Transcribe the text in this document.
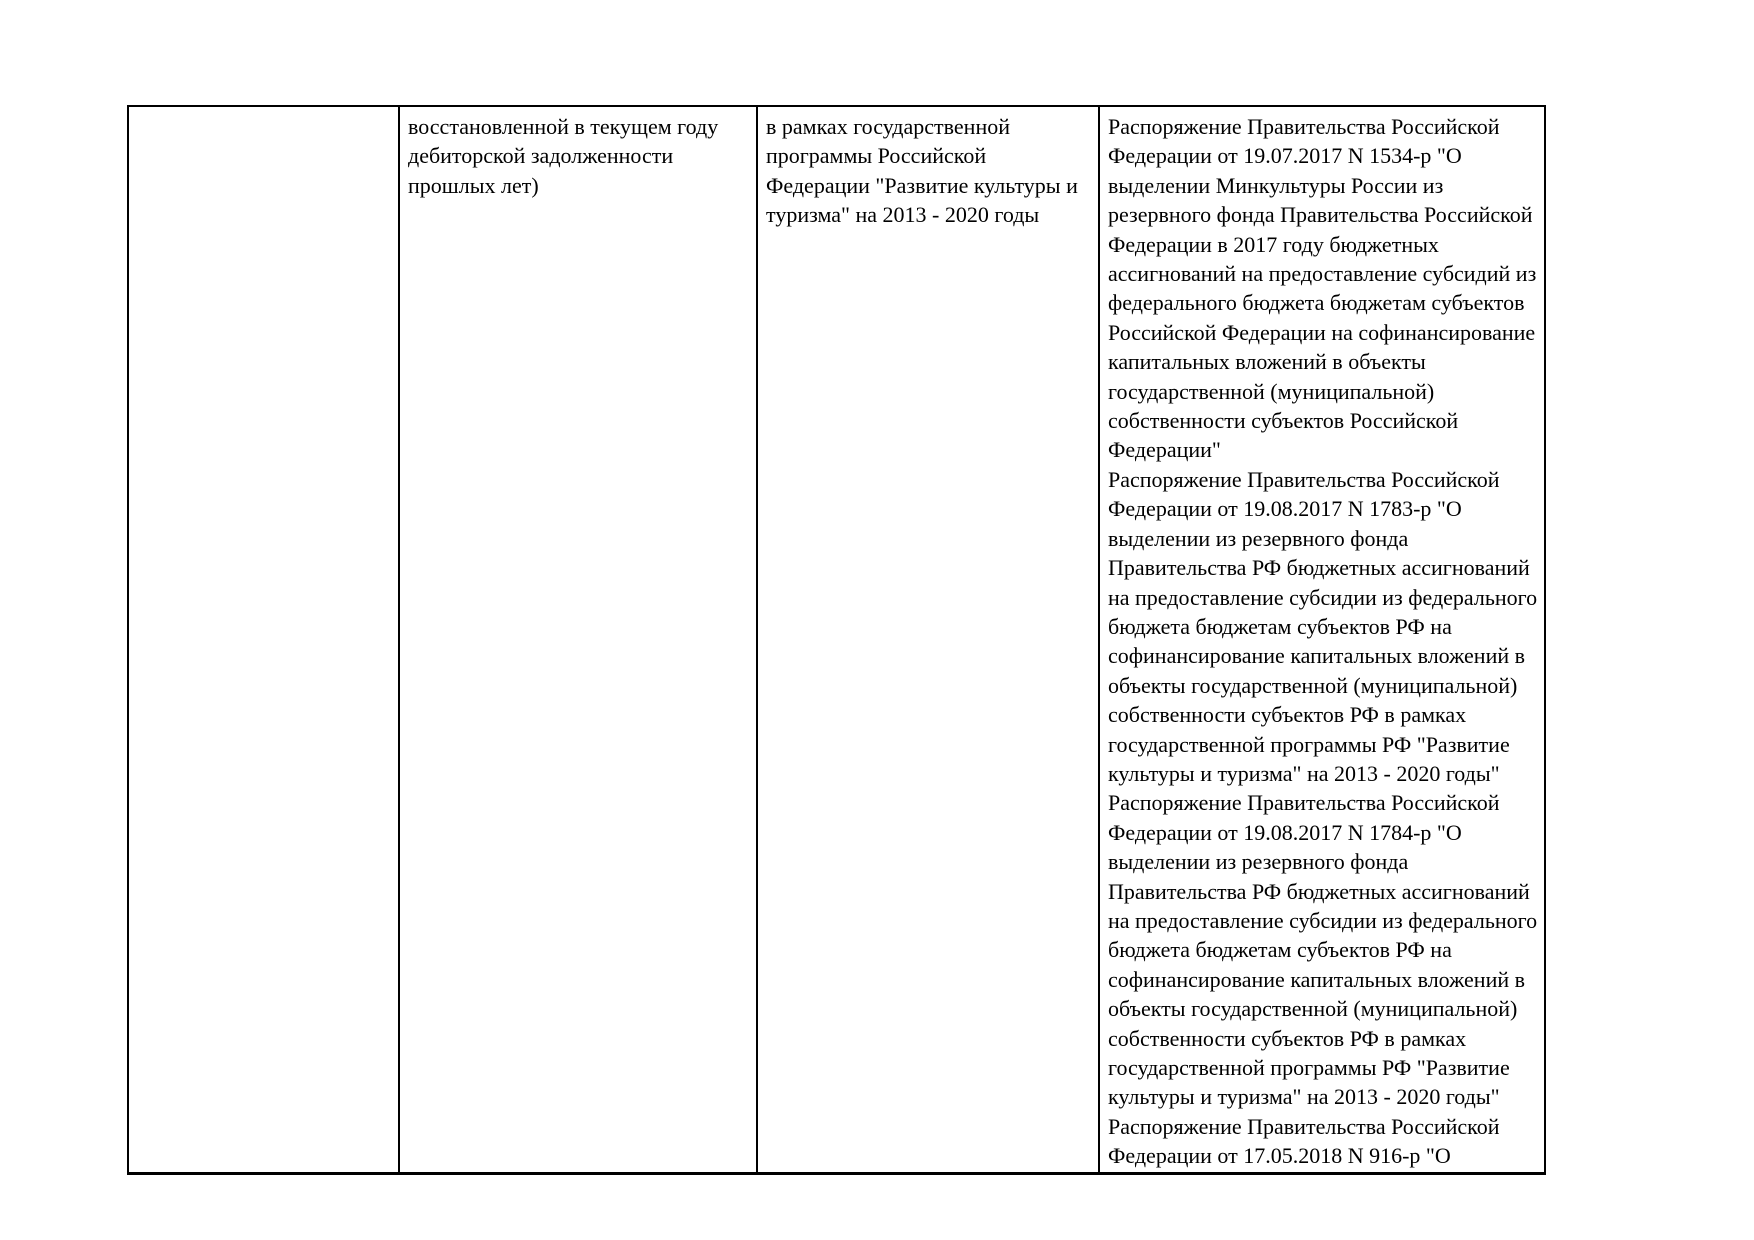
восстановленной в текущем году дебиторской задолженности прошлых лет)
в рамках государственной программы Российской Федерации "Развитие культуры и туризма" на 2013 - 2020 годы
Распоряжение Правительства Российской Федерации от 19.07.2017 N 1534-р "О выделении Минкультуры России из резервного фонда Правительства Российской Федерации в 2017 году бюджетных ассигнований на предоставление субсидий из федерального бюджета бюджетам субъектов Российской Федерации на софинансирование капитальных вложений в объекты государственной (муниципальной) собственности субъектов Российской Федерации"
Распоряжение Правительства Российской Федерации от 19.08.2017 N 1783-р "О выделении из резервного фонда Правительства РФ бюджетных ассигнований на предоставление субсидии из федерального бюджета бюджетам субъектов РФ на софинансирование капитальных вложений в объекты государственной (муниципальной) собственности субъектов РФ в рамках государственной программы РФ "Развитие культуры и туризма" на 2013 - 2020 годы"
Распоряжение Правительства Российской Федерации от 19.08.2017 N 1784-р "О выделении из резервного фонда Правительства РФ бюджетных ассигнований на предоставление субсидии из федерального бюджета бюджетам субъектов РФ на софинансирование капитальных вложений в объекты государственной (муниципальной) собственности субъектов РФ в рамках государственной программы РФ "Развитие культуры и туризма" на 2013 - 2020 годы"
Распоряжение Правительства Российской Федерации от 17.05.2018 N 916-р "О
